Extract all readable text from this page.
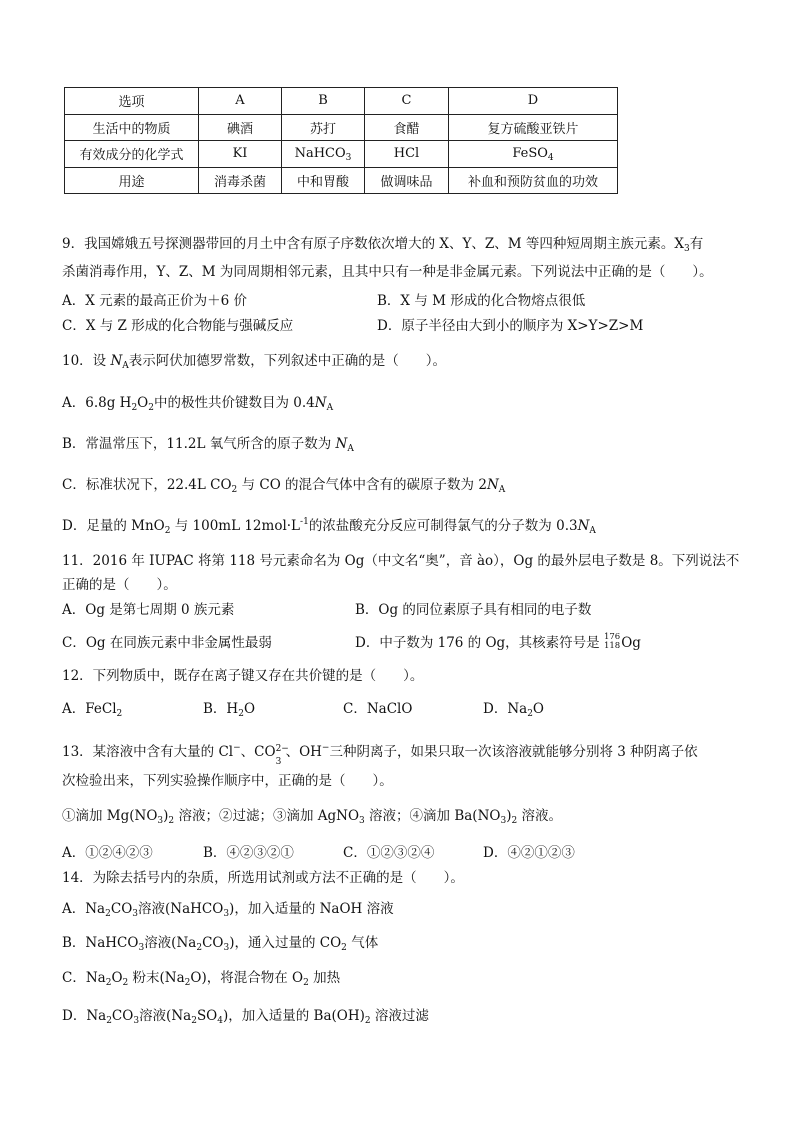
选项	A	B	C	D
生活中的物质	碘酒	苏打	食醋	复方硫酸亚铁片
有效成分的化学式	KI	NaHCO$_3$	HCl	FeSO$_4$
用途	消毒杀菌	中和胃酸	做调味品	补血和预防贫血的功效
9．我国嫦娥五号探测器带回的月土中含有原子序数依次增大的 X、Y、Z、M 等四种短周期主族元素。$X_3$有
杀菌消毒作用，Y、Z、M 为同周期相邻元素，且其中只有一种是非金属元素。下列说法中正确的是（　　）。
A．X 元素的最高正价为＋6 价	B．X 与 M 形成的化合物熔点很低
C．X 与 Z 形成的化合物能与强碱反应	D．原子半径由大到小的顺序为 X>Y>Z>M
10．设 $N_A$表示阿伏加德罗常数，下列叙述中正确的是（　　）。
A．6.8g $H_2O_2$中的极性共价键数目为 $0.4N_A$
B．常温常压下，11.2L 氧气所含的原子数为 $N_A$
C．标准状况下，22.4L $CO_2$ 与 CO 的混合气体中含有的碳原子数为 $2N_A$
D．足量的 MnO$_2$ 与 100mL $12mol\cdot L^{-1}$的浓盐酸充分反应可制得氯气的分子数为 $0.3N_A$
11．2016 年 IUPAC 将第 118 号元素命名为 Og（中文名“奥”，音 ào），Og 的最外层电子数是 8。下列说法不
正确的是（　　）。
A．Og 是第七周期 0 族元素	B．Og 的同位素原子具有相同的电子数
C．Og 在同族元素中非金属性最弱	D．中子数为 176 的 Og，其核素符号是 176
118Og
12．下列物质中，既存在离子键又存在共价键的是（　　）。
A．FeCl$_2$	B．$H_2O$	C．NaClO	D．$Na_2O$
13．某溶液中含有大量的 Cl−、CO 2−
3
、OH−三种阴离子，如果只取一次该溶液就能够分别将 3 种阴离子依
次检验出来，下列实验操作顺序中，正确的是（　　）。
①滴加 $Mg(NO_3)_2$ 溶液；②过滤；③滴加 AgNO$_3$ 溶液；④滴加 $Ba(NO_3)_2$ 溶液。
A．①②④②③	B．④②③②①	C．①②③②④	D．④②①②③
14．为除去括号内的杂质，所选用试剂或方法不正确的是（　　）。
A．$Na_2CO_3$溶液(NaHCO$_3$)，加入适量的 NaOH 溶液
B．NaHCO$_3$溶液$(Na_2CO_3)$，通入过量的 $CO_2$ 气体
C．$Na_2O_2$ 粉末$(Na_2O)$，将混合物在 $O_2$ 加热
D．$Na_2CO_3$溶液$(Na_2SO_4)$，加入适量的 $Ba(OH)_2$ 溶液过滤
